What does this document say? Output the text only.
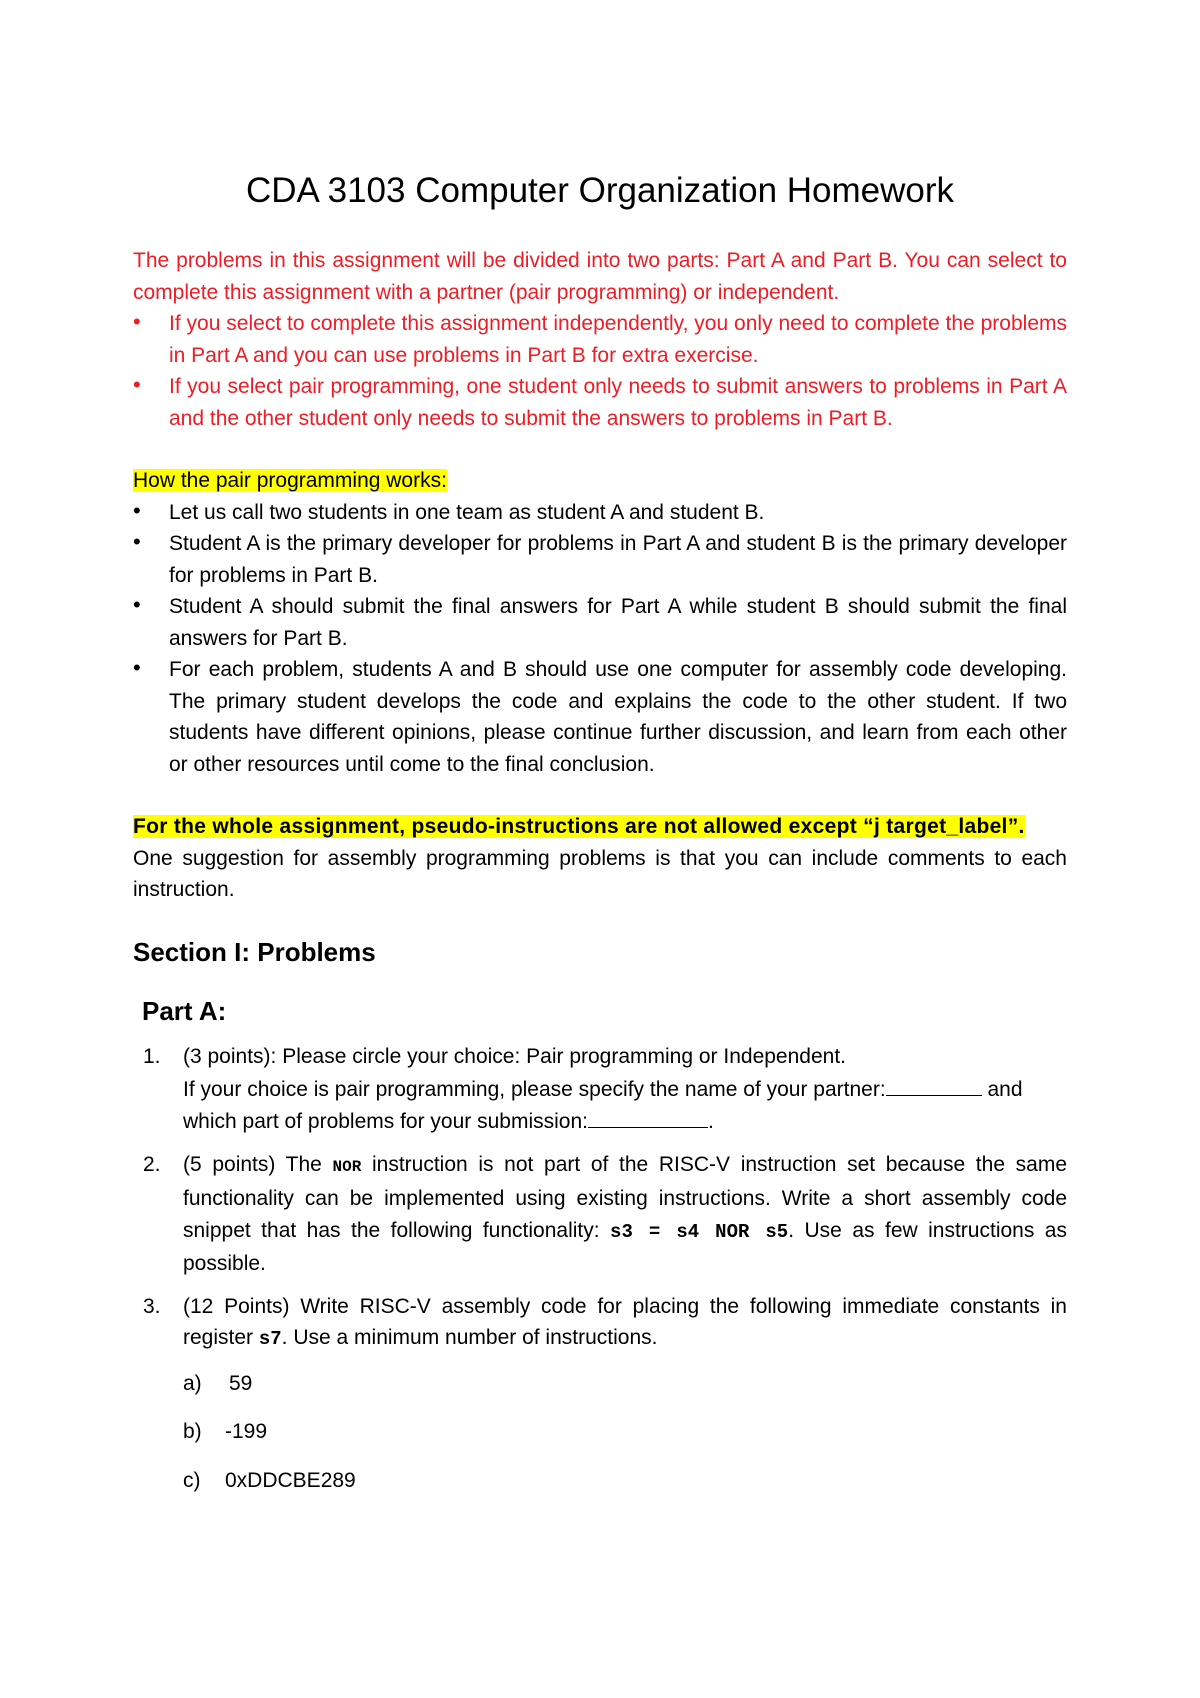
CDA 3103 Computer Organization Homework

The problems in this assignment will be divided into two parts: Part A and Part B. You can select to complete this assignment with a partner (pair programming) or independent.

• If you select to complete this assignment independently, you only need to complete the problems in Part A and you can use problems in Part B for extra exercise.
• If you select pair programming, one student only needs to submit answers to problems in Part A and the other student only needs to submit the answers to problems in Part B.

How the pair programming works:

• Let us call two students in one team as student A and student B.
• Student A is the primary developer for problems in Part A and student B is the primary developer for problems in Part B.
• Student A should submit the final answers for Part A while student B should submit the final answers for Part B.
• For each problem, students A and B should use one computer for assembly code developing. The primary student develops the code and explains the code to the other student. If two students have different opinions, please continue further discussion, and learn from each other or other resources until come to the final conclusion.

For the whole assignment, pseudo-instructions are not allowed except “j target_label”.

One suggestion for assembly programming problems is that you can include comments to each instruction.

Section I: Problems
Part A:
1. (3 points): Please circle your choice: Pair programming or Independent.

If your choice is pair programming, please specify the name of your partner:	and

which part of problems for your submission:	.

2. (5 points) The NOR instruction is not part of the RISC-V instruction set because the same functionality can be implemented using existing instructions. Write a short assembly code snippet that has the following functionality: s3 = s4 NOR s5. Use as few instructions as possible.

3. (12 Points) Write RISC-V assembly code for placing the following immediate constants in register s7. Use a minimum number of instructions.

a) 59
b) -199
c) 0xDDCBE289
